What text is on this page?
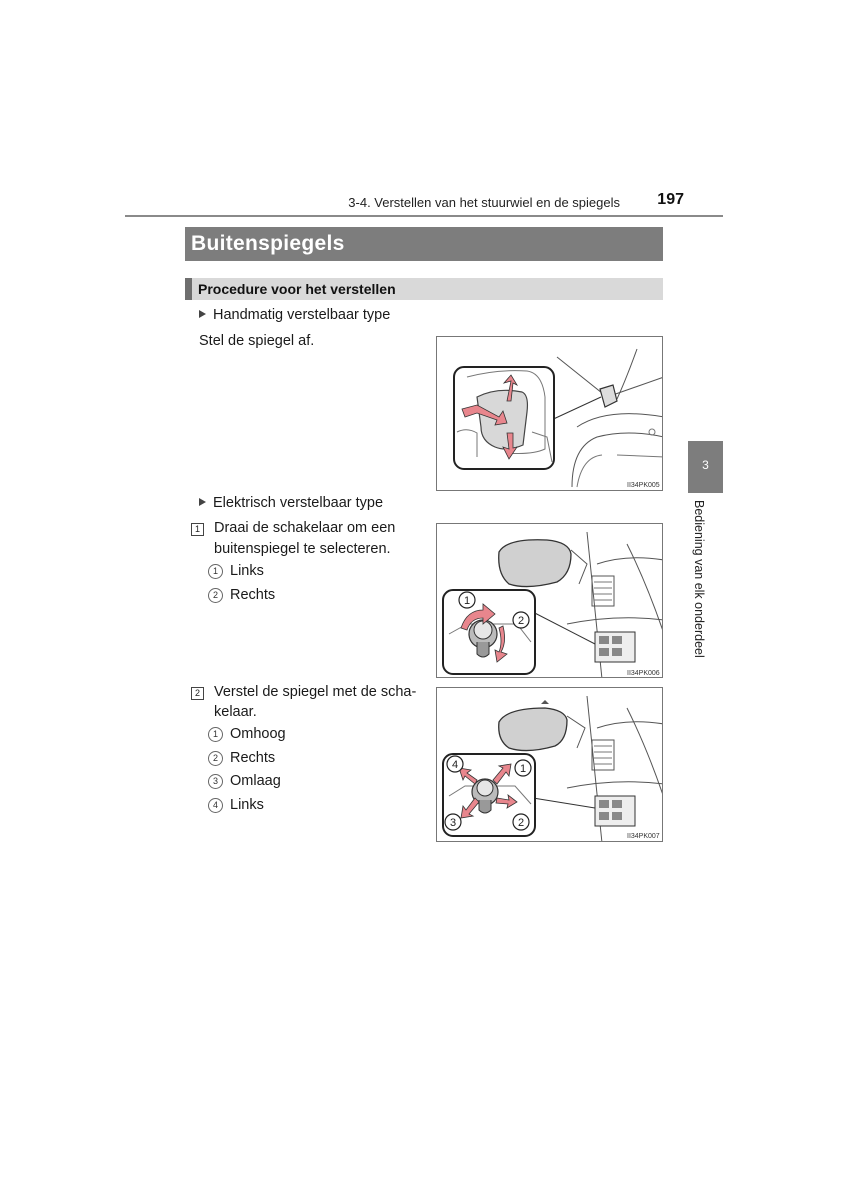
3-4. Verstellen van het stuurwiel en de spiegels	197
Buitenspiegels
Procedure voor het verstellen
Handmatig verstelbaar type
Stel de spiegel af.
II34PK005
Elektrisch verstelbaar type
1 Draai de schakelaar om een
buitenspiegel te selecteren.
1 Links
2 Rechts	1
2
II34PK006
2 Verstel de spiegel met de scha-
kelaar.
1 Omhoog
2 Rechts
3 Omlaag
4 Links
1
2
3
4
II34PK007
3
Bediening van elk onderdeel
